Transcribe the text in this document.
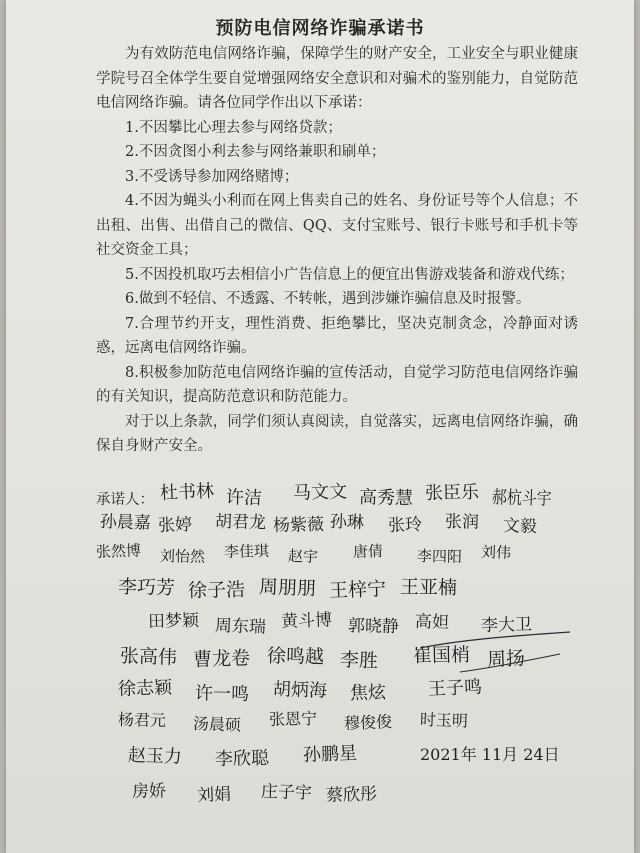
预防电信网络诈骗承诺书

为有效防范电信网络诈骗，保障学生的财产安全，工业安全与职业健康学院号召全体学生要自觉增强网络安全意识和对骗术的鉴别能力，自觉防范电信网络诈骗。请各位同学作出以下承诺：

1.不因攀比心理去参与网络贷款；

2.不因贪图小利去参与网络兼职和刷单；

3.不受诱导参加网络赌博；

4.不因为蝇头小利而在网上售卖自己的姓名、身份证号等个人信息；不出租、出售、出借自己的微信、QQ、支付宝账号、银行卡账号和手机卡等社交资金工具；

5.不因投机取巧去相信小广告信息上的便宜出售游戏装备和游戏代练；

6.做到不轻信、不透露、不转帐，遇到涉嫌诈骗信息及时报警。

7.合理节约开支，理性消费、拒绝攀比，坚决克制贪念，冷静面对诱惑，远离电信网络诈骗。

8.积极参加防范电信网络诈骗的宣传活动，自觉学习防范电信网络诈骗的有关知识，提高防范意识和防范能力。

对于以上条款，同学们须认真阅读，自觉落实，远离电信网络诈骗，确保自身财产安全。

承诺人： 杜书林 许洁 马文文 高秀慧 张臣乐 郝杭斗宇
孙晨嘉 张婷 胡君龙 杨紫薇 孙琳 张玲 张润 文毅
张然博 刘怡然 李佳琪 赵宇 唐倩 李四阳 刘伟
李巧芳 徐子浩 周朋朋 王梓宁 王亚楠
田梦颖 周东瑞 黄斗博 郭晓静 高妲 李大卫
张高伟 曹龙卷 徐鸣越 李胜 崔国梢 周扬
徐志颖 许一鸣 胡炳海 焦炫 王子鸣
杨君元 汤晨硕 张恩宁 穆俊俊 时玉明
赵玉力 李欣聪 孙鹏星
房娇 刘娟 庄子宇 蔡欣彤
2021年 11月 24日
